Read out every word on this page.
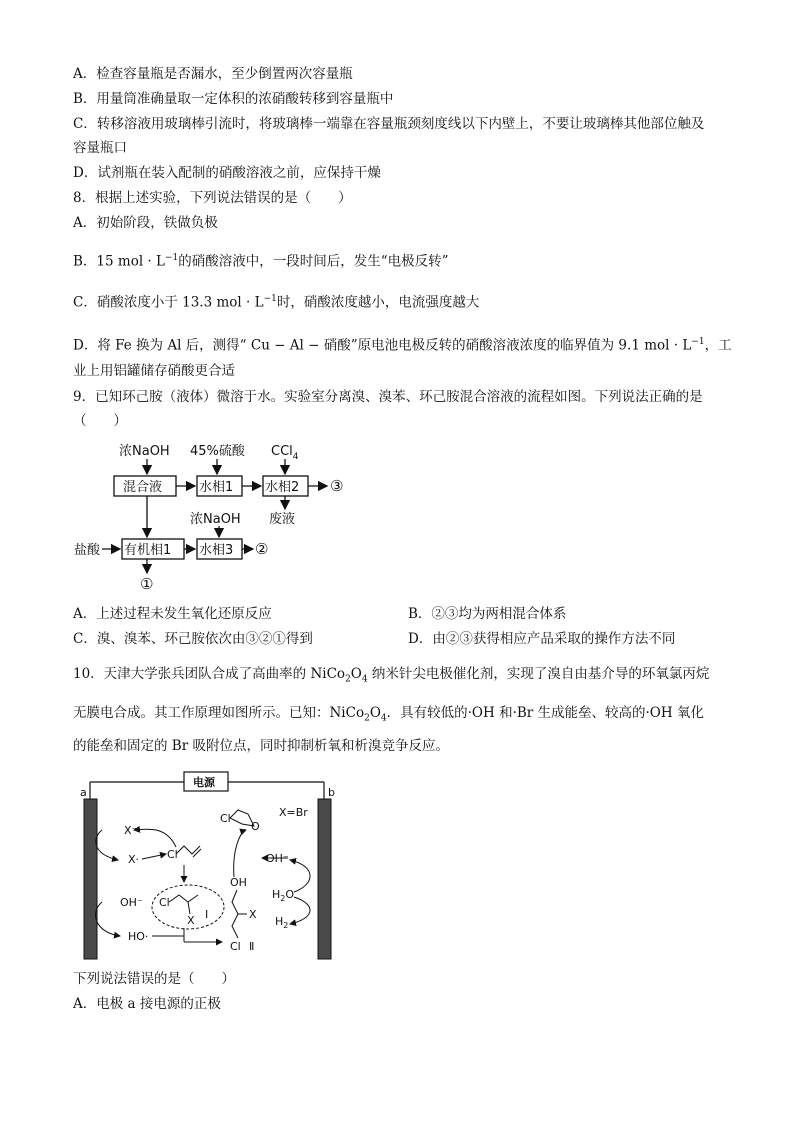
A．检查容量瓶是否漏水，至少倒置两次容量瓶
B．用量筒准确量取一定体积的浓硝酸转移到容量瓶中
C．转移溶液用玻璃棒引流时，将玻璃棒一端靠在容量瓶颈刻度线以下内壁上，不要让玻璃棒其他部位触及
容量瓶口
D．试剂瓶在装入配制的硝酸溶液之前，应保持干燥
8．根据上述实验，下列说法错误的是（　　）
A．初始阶段，铁做负极
B．15 mol · $L^{-1}$的硝酸溶液中，一段时间后，发生“电极反转”
C．硝酸浓度小于 13.3 mol · $L^{-1}$时，硝酸浓度越小，电流强度越大
D．将 Fe 换为 Al 后，测得“ Cu − Al − 硝酸”原电池电极反转的硝酸溶液浓度的临界值为 9.1 mol · $L^{-1}$，工
业上用铝罐储存硝酸更合适
9．已知环己胺（液体）微溶于水。实验室分离溴、溴苯、环己胺混合溶液的流程如图。下列说法正确的是
（　　）
浓NaOH 45%硫酸 CCl$_4$
混合液	水相1 水相2 ③
废液
浓NaOH
盐酸 有机相1 水相3 ②
①
A．上述过程未发生氧化还原反应	B．②③均为两相混合体系
C．溴、溴苯、环己胺依次由③②①得到	D．由②③获得相应产品采取的操作方法不同
10．天津大学张兵团队合成了高曲率的 $NiCo_2O_4$ 纳米针尖电极催化剂，实现了溴自由基介导的环氧氯丙烷
无膜电合成。其工作原理如图所示。已知：$NiCo_2O_4$．具有较低的·OH 和·Br 生成能垒、较高的·OH 氧化
的能垒和固定的 Br 吸附位点，同时抑制析氧和析溴竞争反应。
电源
a	b
X=Br
X⁻
X·	Cl
OH⁻
HO·
Cl
O
OH⁻
$H_2O$
$H_2$
Cl
X I
OH
X
Cl Ⅱ
下列说法错误的是（　　）
A．电极 a 接电源的正极
